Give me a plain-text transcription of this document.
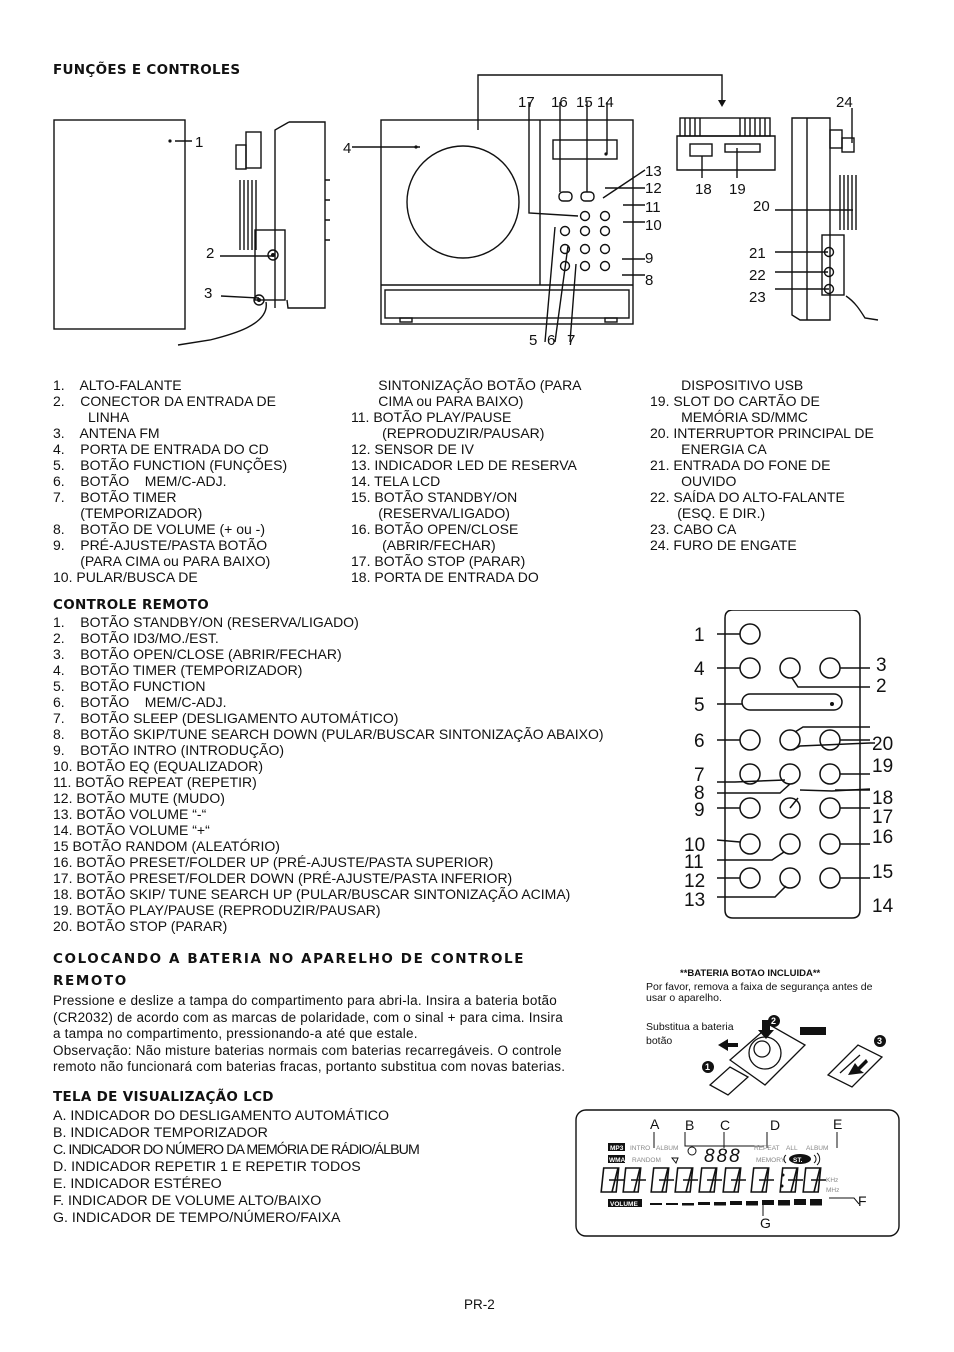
FUNÇÕES E CONTROLES
1
2
3
4
5 6 7
8
9
10
11
12
13
14
15
16
17
18 19
20
21
22
23
24
1.    ALTO-FALANTE
2.    CONECTOR DA ENTRADA DE
LINHA
3.    ANTENA FM
4.    PORTA DE ENTRADA DO CD
5.    BOTÃO FUNCTION (FUNÇÕES)
6.    BOTÃO    MEM/C-ADJ.
7.    BOTÃO TIMER
(TEMPORIZADOR)
8.    BOTÃO DE VOLUME (+ ou -)
9.    PRÉ-AJUSTE/PASTA BOTÃO
(PARA CIMA ou PARA BAIXO)
10. PULAR/BUSCA DE
SINTONIZAÇÃO BOTÃO (PARA
CIMA ou PARA BAIXO)
11. BOTÃO PLAY/PAUSE
(REPRODUZIR/PAUSAR)
12. SENSOR DE IV
13. INDICADOR LED DE RESERVA
14. TELA LCD
15. BOTÃO STANDBY/ON
(RESERVA/LIGADO)
16. BOTÃO OPEN/CLOSE
(ABRIR/FECHAR)
17. BOTÃO STOP (PARAR)
18. PORTA DE ENTRADA DO
DISPOSITIVO USB
19. SLOT DO CARTÃO DE
MEMÓRIA SD/MMC
20. INTERRUPTOR PRINCIPAL DE
ENERGIA CA
21. ENTRADA DO FONE DE
OUVIDO
22. SAÍDA DO ALTO-FALANTE
(ESQ. E DIR.)
23. CABO CA
24. FURO DE ENGATE
CONTROLE REMOTO
1.    BOTÃO STANDBY/ON (RESERVA/LIGADO)
2.    BOTÃO ID3/MO./EST.
3.    BOTÃO OPEN/CLOSE (ABRIR/FECHAR)
4.    BOTÃO TIMER (TEMPORIZADOR)
5.    BOTÃO FUNCTION
6.    BOTÃO    MEM/C-ADJ.
7.    BOTÃO SLEEP (DESLIGAMENTO AUTOMÁTICO)
8.    BOTÃO SKIP/TUNE SEARCH DOWN (PULAR/BUSCAR SINTONIZAÇÃO ABAIXO)
9.    BOTÃO INTRO (INTRODUÇÃO)
10. BOTÃO EQ (EQUALIZADOR)
11. BOTÃO REPEAT (REPETIR)
12. BOTÃO MUTE (MUDO)
13. BOTÃO VOLUME “-“
14. BOTÃO VOLUME “+“
15 BOTÃO RANDOM (ALEATÓRIO)
16. BOTÃO PRESET/FOLDER UP (PRÉ-AJUSTE/PASTA SUPERIOR)
17. BOTÃO PRESET/FOLDER DOWN (PRÉ-AJUSTE/PASTA INFERIOR)
18. BOTÃO SKIP/ TUNE SEARCH UP (PULAR/BUSCAR SINTONIZAÇÃO ACIMA)
19. BOTÃO PLAY/PAUSE (REPRODUZIR/PAUSAR)
20. BOTÃO STOP (PARAR)
1
4
5
6
7
8
9
10
11
12
13
3
2
20
19
18
17
16
15
14
COLOCANDO A BATERIA NO APARELHO DE CONTROLE
REMOTO
Pressione e deslize a tampa do compartimento para abri-la. Insira a bateria botão
(CR2032) de acordo com as marcas de polaridade, com o sinal + para cima. Insira
a tampa no compartimento, pressionando-a até que estale.
Observação: Não misture baterias normais com baterias recarregáveis. O controle
remoto não funcionará com baterias fracas, portanto substitua com novas baterias.
**BATERIA BOTAO INCLUIDA**
Por favor, remova a faixa de segurança antes de
usar o aparelho.
Substitua a bateria
botão
1
2
3
TELA DE VISUALIZAÇÃO LCD
A. INDICADOR DO DESLIGAMENTO AUTOMÁTICO
B. INDICADOR TEMPORIZADOR
C. INDICADOR DO NÚMERO DA MEMÓRIA DE RÁDIO/ÁLBUM
D. INDICADOR REPETIR 1 E REPETIR TODOS
E. INDICADOR ESTÉREO
F. INDICADOR DE VOLUME ALTO/BAIXO
G. INDICADOR DE TEMPO/NÚMERO/FAIXA
A B C	D	E
F
G
MP3
WMA
INTRO ALBUM
RANDOM
REPEAT ALL ALBUM
MEMORY
KHz
MHz
ST.
888
VOLUME
PR-2
